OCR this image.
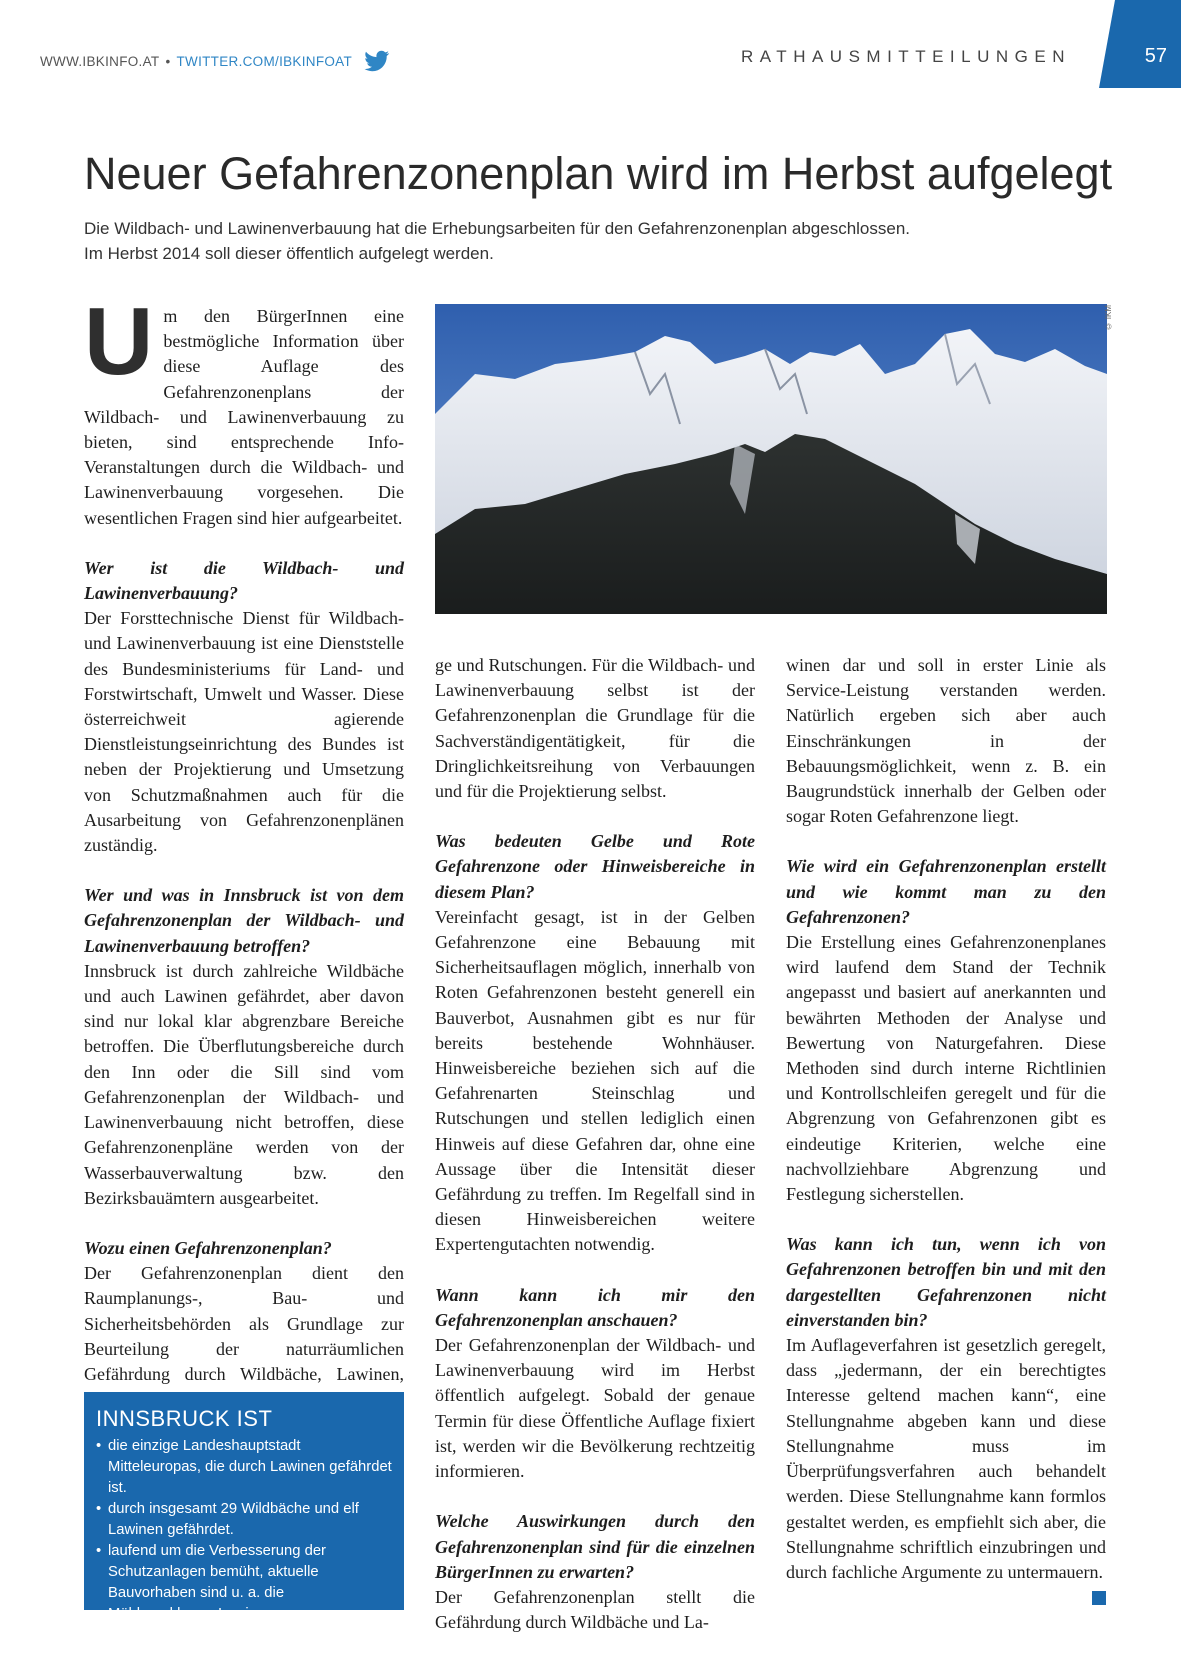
WWW.IBKINFO.AT • TWITTER.COM/IBKINFOAT	RATHAUSMITTEILUNGEN	57
Neuer Gefahrenzonenplan wird im Herbst aufgelegt

Die Wildbach- und Lawinenverbauung hat die Erhebungsarbeiten für den Gefahrenzonenplan abgeschlossen.
Im Herbst 2014 soll dieser öffentlich aufgelegt werden.

© IKM

Um den BürgerInnen eine bestmögliche Information über diese Auflage des Gefahrenzonenplans der Wildbach- und Lawinenverbauung zu bieten, sind entsprechende Info-Veranstaltungen durch die Wildbach- und Lawinenverbauung vorgesehen. Die wesentlichen Fragen sind hier aufgearbeitet.

Wer ist die Wildbach- und Lawinenverbauung?

Der Forsttechnische Dienst für Wildbach- und Lawinenverbauung ist eine Dienststelle des Bundesministeriums für Land- und Forstwirtschaft, Umwelt und Wasser. Diese österreichweit agierende Dienstleistungseinrichtung des Bundes ist neben der Projektierung und Umsetzung von Schutzmaßnahmen auch für die Ausarbeitung von Gefahrenzonenplänen zuständig.

Wer und was in Innsbruck ist von dem Gefahrenzonenplan der Wildbach- und Lawinenverbauung betroffen?

Innsbruck ist durch zahlreiche Wildbäche und auch Lawinen gefährdet, aber davon sind nur lokal klar abgrenzbare Bereiche betroffen. Die Überflutungsbereiche durch den Inn oder die Sill sind vom Gefahrenzonenplan der Wildbach- und Lawinenverbauung nicht betroffen, diese Gefahrenzonenpläne werden von der Wasserbauverwaltung bzw. den Bezirksbauämtern ausgearbeitet.

Wozu einen Gefahrenzonenplan?

Der Gefahrenzonenplan dient den Raumplanungs-, Bau- und Sicherheitsbehörden als Grundlage zur Beurteilung der naturräumlichen Gefährdung durch Wildbäche, Lawinen,

INNSBRUCK IST
• die einzige Landeshauptstadt Mitteleuropas, die durch Lawinen gefährdet ist.
• durch insgesamt 29 Wildbäche und elf Lawinen gefährdet.
• laufend um die Verbesserung der Schutzanlagen bemüht, aktuelle Bauvorhaben sind u. a. die Mühlauerklamm-Lawine.

ge und Rutschungen. Für die Wildbach- und Lawinenverbauung selbst ist der Gefahrenzonenplan die Grundlage für die Sachverständigentätigkeit, für die Dringlichkeitsreihung von Verbauungen und für die Projektierung selbst.

Was bedeuten Gelbe und Rote Gefahrenzone oder Hinweisbereiche in diesem Plan?

Vereinfacht gesagt, ist in der Gelben Gefahrenzone eine Bebauung mit Sicherheitsauflagen möglich, innerhalb von Roten Gefahrenzonen besteht generell ein Bauverbot, Ausnahmen gibt es nur für bereits bestehende Wohnhäuser. Hinweisbereiche beziehen sich auf die Gefahrenarten Steinschlag und Rutschungen und stellen lediglich einen Hinweis auf diese Gefahren dar, ohne eine Aussage über die Intensität dieser Gefährdung zu treffen. Im Regelfall sind in diesen Hinweisbereichen weitere Expertengutachten notwendig.

Wann kann ich mir den Gefahrenzonenplan anschauen?

Der Gefahrenzonenplan der Wildbach- und Lawinenverbauung wird im Herbst öffentlich aufgelegt. Sobald der genaue Termin für diese Öffentliche Auflage fixiert ist, werden wir die Bevölkerung rechtzeitig informieren.

Welche Auswirkungen durch den Gefahrenzonenplan sind für die einzelnen BürgerInnen zu erwarten?

Der Gefahrenzonenplan stellt die Gefährdung durch Wildbäche und La-

winen dar und soll in erster Linie als Service-Leistung verstanden werden. Natürlich ergeben sich aber auch Einschränkungen in der Bebauungsmöglichkeit, wenn z. B. ein Baugrundstück innerhalb der Gelben oder sogar Roten Gefahrenzone liegt.

Wie wird ein Gefahrenzonenplan erstellt und wie kommt man zu den Gefahrenzonen?

Die Erstellung eines Gefahrenzonenplanes wird laufend dem Stand der Technik angepasst und basiert auf anerkannten und bewährten Methoden der Analyse und Bewertung von Naturgefahren. Diese Methoden sind durch interne Richtlinien und Kontrollschleifen geregelt und für die Abgrenzung von Gefahrenzonen gibt es eindeutige Kriterien, welche eine nachvollziehbare Abgrenzung und Festlegung sicherstellen.

Was kann ich tun, wenn ich von Gefahrenzonen betroffen bin und mit den dargestellten Gefahrenzonen nicht einverstanden bin?

Im Auflageverfahren ist gesetzlich geregelt, dass „jedermann, der ein berechtigtes Interesse geltend machen kann“, eine Stellungnahme abgeben kann und diese Stellungnahme muss im Überprüfungsverfahren auch behandelt werden. Diese Stellungnahme kann formlos gestaltet werden, es empfiehlt sich aber, die Stellungnahme schriftlich einzubringen und durch fachliche Argumente zu untermauern.
